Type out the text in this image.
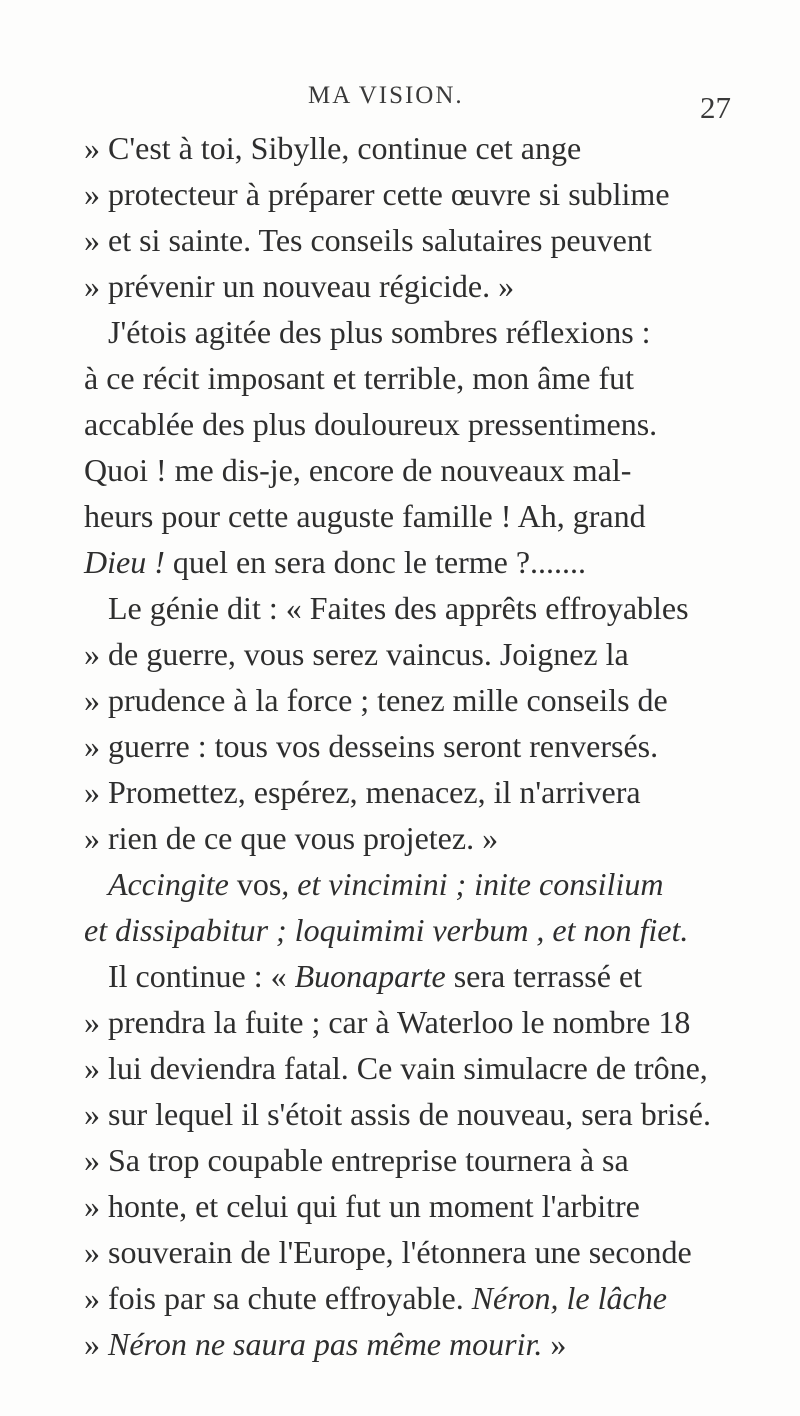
MA VISION.	27
» C'est à toi, Sibylle, continue cet ange
» protecteur à préparer cette œuvre si sublime
» et si sainte. Tes conseils salutaires peuvent
» prévenir un nouveau régicide. »
J'étois agitée des plus sombres réflexions :
à ce récit imposant et terrible, mon âme fut
accablée des plus douloureux pressentimens.
Quoi ! me dis-je, encore de nouveaux mal-
heurs pour cette auguste famille ! Ah, grand
Dieu ! quel en sera donc le terme ?.......
Le génie dit : « Faites des apprêts effroyables
» de guerre, vous serez vaincus. Joignez la
» prudence à la force ; tenez mille conseils de
» guerre : tous vos desseins seront renversés.
» Promettez, espérez, menacez, il n'arrivera
» rien de ce que vous projetez. »
Accingite vos, et vincimini ; inite consilium
et dissipabitur ; loquimimi verbum , et non fiet.
Il continue : « Buonaparte sera terrassé et
» prendra la fuite ; car à Waterloo le nombre 18
» lui deviendra fatal. Ce vain simulacre de trône,
» sur lequel il s'étoit assis de nouveau, sera brisé.
» Sa trop coupable entreprise tournera à sa
» honte, et celui qui fut un moment l'arbitre
» souverain de l'Europe, l'étonnera une seconde
» fois par sa chute effroyable. Néron, le lâche
» Néron ne saura pas même mourir. »
